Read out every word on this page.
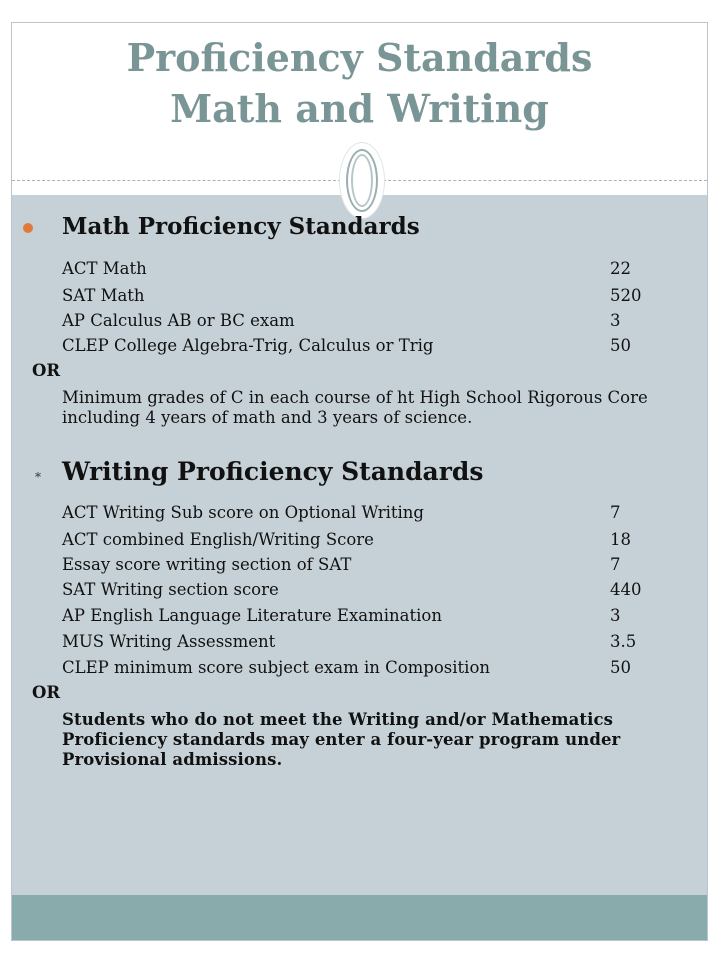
Proficiency Standards
Math and Writing
Math Proficiency Standards
ACT Math	22
SAT Math	520
AP Calculus AB or BC exam	3
CLEP College Algebra-Trig, Calculus or Trig	50
OR
Minimum grades of C in each course of ht High School Rigorous Core including 4 years of math and 3 years of science.
* Writing Proficiency Standards
ACT Writing Sub score on Optional Writing	7
ACT combined English/Writing Score	18
Essay score writing section of SAT	7
SAT Writing section score	440
AP English Language Literature Examination	3
MUS Writing Assessment	3.5
CLEP minimum score subject exam in Composition	50
OR
Students who do not meet the Writing and/or Mathematics Proficiency standards may enter a four-year program under Provisional admissions.
